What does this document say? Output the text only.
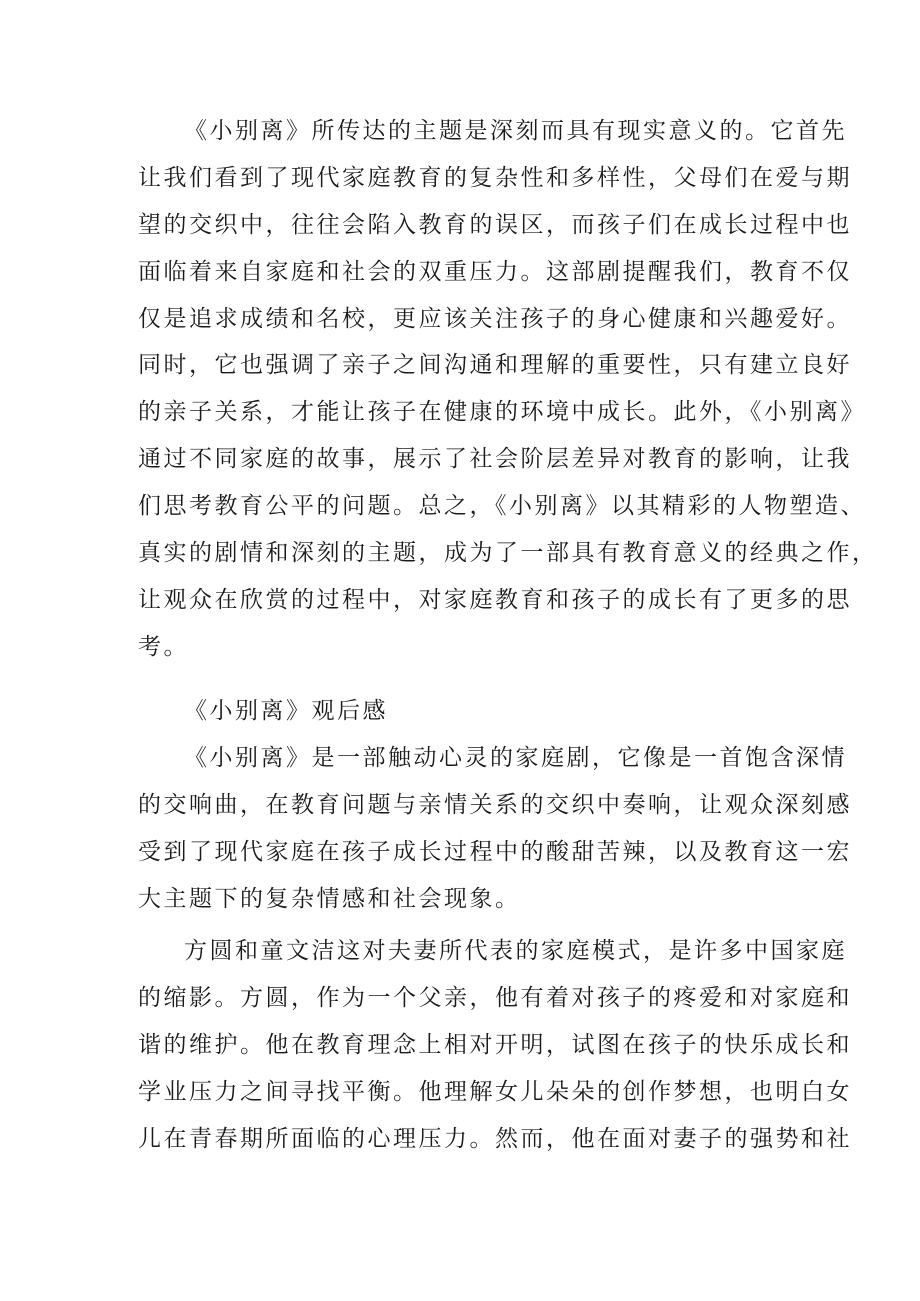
《小别离》所传达的主题是深刻而具有现实意义的。它首先
让我们看到了现代家庭教育的复杂性和多样性，父母们在爱与期
望的交织中，往往会陷入教育的误区，而孩子们在成长过程中也
面临着来自家庭和社会的双重压力。这部剧提醒我们，教育不仅
仅是追求成绩和名校，更应该关注孩子的身心健康和兴趣爱好。
同时，它也强调了亲子之间沟通和理解的重要性，只有建立良好
的亲子关系，才能让孩子在健康的环境中成长。此外，《小别离》
通过不同家庭的故事，展示了社会阶层差异对教育的影响，让我
们思考教育公平的问题。总之，《小别离》以其精彩的人物塑造、
真实的剧情和深刻的主题，成为了一部具有教育意义的经典之作，
让观众在欣赏的过程中，对家庭教育和孩子的成长有了更多的思
考。
《小别离》观后感
《小别离》是一部触动心灵的家庭剧，它像是一首饱含深情
的交响曲，在教育问题与亲情关系的交织中奏响，让观众深刻感
受到了现代家庭在孩子成长过程中的酸甜苦辣，以及教育这一宏
大主题下的复杂情感和社会现象。
方圆和童文洁这对夫妻所代表的家庭模式，是许多中国家庭
的缩影。方圆，作为一个父亲，他有着对孩子的疼爱和对家庭和
谐的维护。他在教育理念上相对开明，试图在孩子的快乐成长和
学业压力之间寻找平衡。他理解女儿朵朵的创作梦想，也明白女
儿在青春期所面临的心理压力。然而，他在面对妻子的强势和社
